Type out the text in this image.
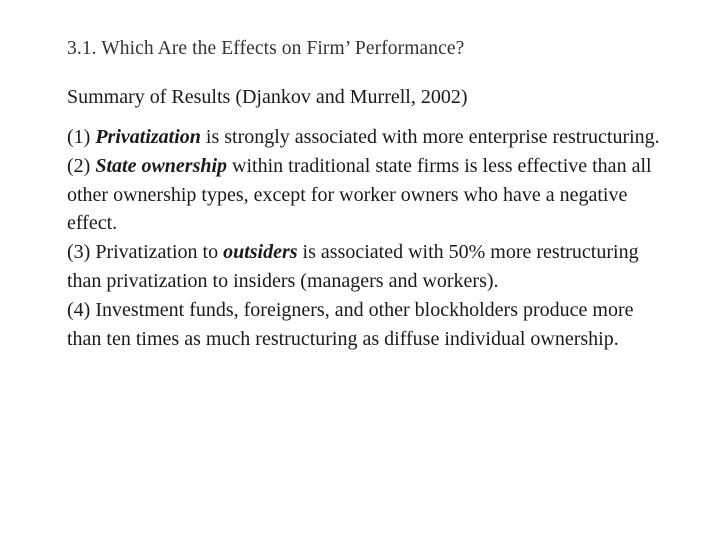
3.1. Which Are the Effects on Firm’ Performance?
Summary of Results (Djankov and Murrell, 2002)

(1) Privatization is strongly associated with more enterprise restructuring.

(2) State ownership within traditional state firms is less effective than all other ownership types, except for worker owners who have a negative effect.

(3) Privatization to outsiders is associated with 50% more restructuring than privatization to insiders (managers and workers).

(4) Investment funds, foreigners, and other blockholders produce more than ten times as much restructuring as diffuse individual ownership.
